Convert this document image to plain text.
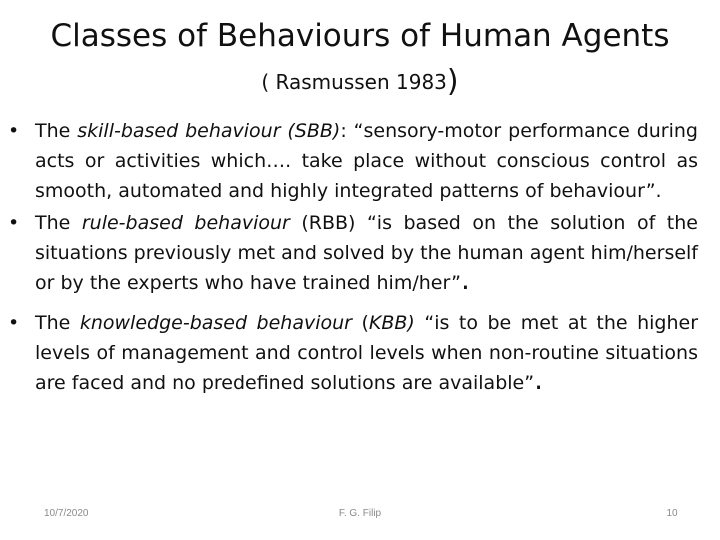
Classes of Behaviours of Human Agents
( Rasmussen 1983)
• The skill-based behaviour (SBB): “sensory-motor performance during acts or activities which…. take place without conscious control as smooth, automated and highly integrated patterns of behaviour”.
• The rule-based behaviour (RBB) “is based on the solution of the situations previously met and solved by the human agent him/herself or by the experts who have trained him/her”.
• The knowledge-based behaviour (KBB) “is to be met at the higher levels of management and control levels when non-routine situations are faced and no predefined solutions are available”.
10/7/2020	F. G. Filip	10
